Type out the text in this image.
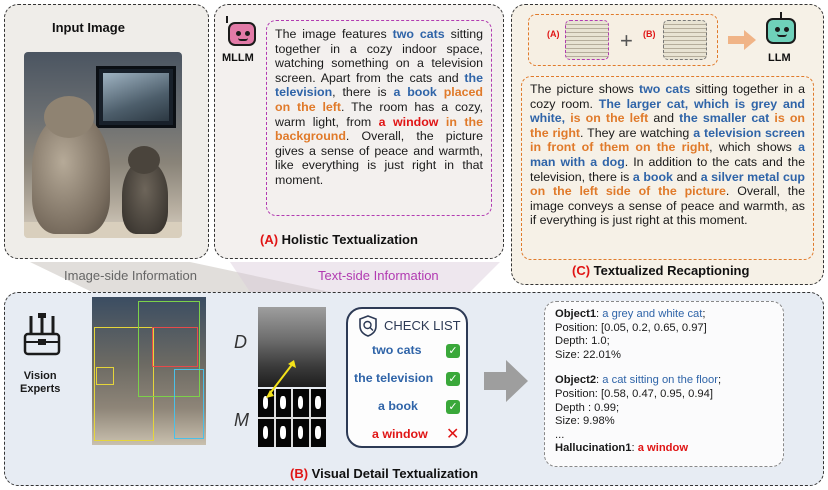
Input Image
Image-side Information	Text-side Information
MLLM
The image features two cats sitting together in a cozy indoor space, watching something on a television screen. Apart from the cats and the television, there is a book placed on the left. The room has a cozy, warm light, from a window in the background. Overall, the picture gives a sense of peace and warmth, like everything is just right in that moment.
(A) Holistic Textualization
(A)	(B)
+
LLM
The picture shows two cats sitting together in a cozy room. The larger cat, which is grey and white, is on the left and the smaller cat is on the right. They are watching a television screen in front of them on the right, which shows a man with a dog. In addition to the cats and the television, there is a book and a silver metal cup on the left side of the picture. Overall, the image conveys a sense of peace and warmth, as if everything is just right at this moment.
(C) Textualized Recaptioning
Vision
Experts
D
M
CHECK LIST
two cats ✓
the television ✓
a book	✓
a window ✕
Object1: a grey and white cat;
Position: [0.05, 0.2, 0.65, 0.97]
Depth: 1.0;
Size: 22.01%
Object2: a cat sitting on the floor;
Position: [0.58, 0.47, 0.95, 0.94]
Depth : 0.99;
Size: 9.98%
...
Hallucination1: a window
(B) Visual Detail Textualization
